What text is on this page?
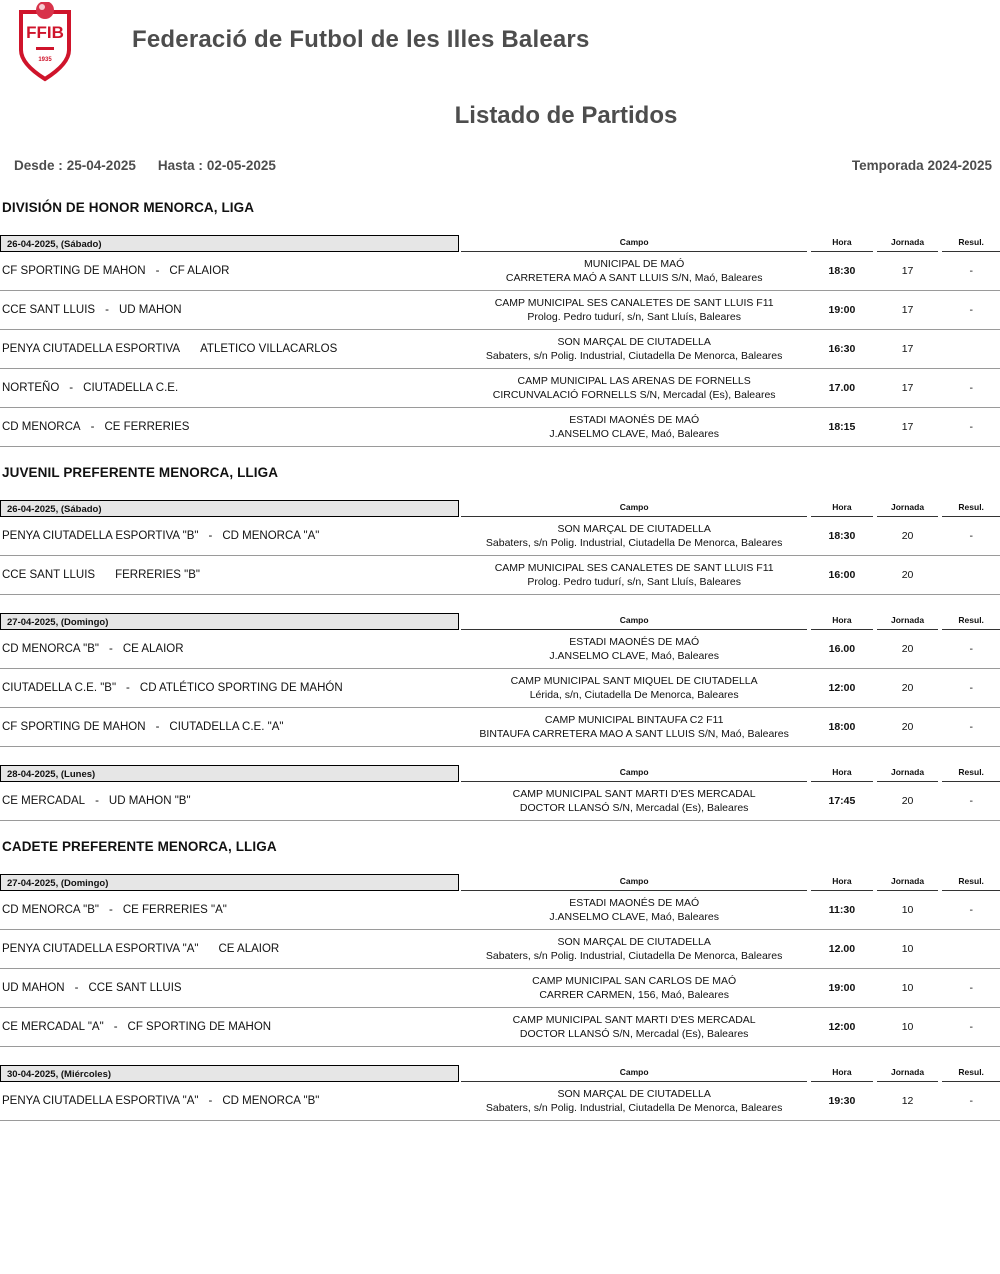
FFIB
1935
Federació de Futbol de les Illes Balears
Listado de Partidos
Desde : 25-04-2025 Hasta : 02-05-2025	Temporada 2024-2025
DIVISIÓN DE HONOR MENORCA, LIGA
26-04-2025, (Sábado)	Campo	Hora	Jornada	Resul.
CF SPORTING DE MAHON - CF ALAIOR
MUNICIPAL DE MAÓ
CARRETERA MAÓ A SANT LLUIS S/N, Maó, Baleares
18:30	17	-
CCE SANT LLUIS - UD MAHON
CAMP MUNICIPAL SES CANALETES DE SANT LLUIS F11
Prolog. Pedro tudurí, s/n, Sant Lluís, Baleares
19:00	17	-
PENYA CIUTADELLA ESPORTIVA ATLETICO VILLACARLOS
SON MARÇAL DE CIUTADELLA
Sabaters, s/n Polig. Industrial, Ciutadella De Menorca, Baleares
16:30	17
NORTEÑO - CIUTADELLA C.E.
CAMP MUNICIPAL LAS ARENAS DE FORNELLS
CIRCUNVALACIÓ FORNELLS S/N, Mercadal (Es), Baleares
17.00	17	-
CD MENORCA - CE FERRERIES
ESTADI MAONÉS DE MAÓ
J.ANSELMO CLAVE, Maó, Baleares
18:15	17	-
JUVENIL PREFERENTE MENORCA, LLIGA
26-04-2025, (Sábado)	Campo	Hora	Jornada	Resul.
PENYA CIUTADELLA ESPORTIVA "B" - CD MENORCA "A"
SON MARÇAL DE CIUTADELLA
Sabaters, s/n Polig. Industrial, Ciutadella De Menorca, Baleares
18:30	20	-
CCE SANT LLUIS FERRERIES "B"
CAMP MUNICIPAL SES CANALETES DE SANT LLUIS F11
Prolog. Pedro tudurí, s/n, Sant Lluís, Baleares
16:00	20
27-04-2025, (Domingo)	Campo	Hora	Jornada	Resul.
CD MENORCA "B" - CE ALAIOR
ESTADI MAONÉS DE MAÓ
J.ANSELMO CLAVE, Maó, Baleares
16.00	20	-
CIUTADELLA C.E. "B" - CD ATLÉTICO SPORTING DE MAHÓN
CAMP MUNICIPAL SANT MIQUEL DE CIUTADELLA
Lérida, s/n, Ciutadella De Menorca, Baleares
12:00	20	-
CF SPORTING DE MAHON - CIUTADELLA C.E. "A"
CAMP MUNICIPAL BINTAUFA C2 F11
BINTAUFA CARRETERA MAO A SANT LLUIS S/N, Maó, Baleares
18:00	20	-
28-04-2025, (Lunes)	Campo	Hora	Jornada	Resul.
CE MERCADAL - UD MAHON "B"
CAMP MUNICIPAL SANT MARTI D'ES MERCADAL
DOCTOR LLANSÓ S/N, Mercadal (Es), Baleares
17:45	20	-
CADETE PREFERENTE MENORCA, LLIGA
27-04-2025, (Domingo)	Campo	Hora	Jornada	Resul.
CD MENORCA "B" - CE FERRERIES "A"
ESTADI MAONÉS DE MAÓ
J.ANSELMO CLAVE, Maó, Baleares
11:30	10	-
PENYA CIUTADELLA ESPORTIVA "A" CE ALAIOR
SON MARÇAL DE CIUTADELLA
Sabaters, s/n Polig. Industrial, Ciutadella De Menorca, Baleares
12.00	10
UD MAHON - CCE SANT LLUIS
CAMP MUNICIPAL SAN CARLOS DE MAÓ
CARRER CARMEN, 156, Maó, Baleares
19:00	10	-
CE MERCADAL "A" - CF SPORTING DE MAHON
CAMP MUNICIPAL SANT MARTI D'ES MERCADAL
DOCTOR LLANSÓ S/N, Mercadal (Es), Baleares
12:00	10	-
30-04-2025, (Miércoles)	Campo	Hora	Jornada	Resul.
PENYA CIUTADELLA ESPORTIVA "A" - CD MENORCA "B"
SON MARÇAL DE CIUTADELLA
Sabaters, s/n Polig. Industrial, Ciutadella De Menorca, Baleares
19:30	12	-
